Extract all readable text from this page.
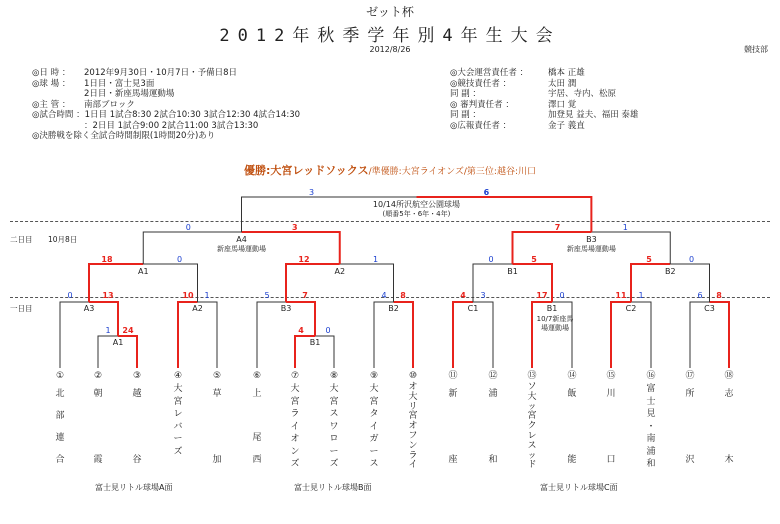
ゼット杯
2012年秋季学年別4年生大会
2012/8/26	競技部
◎日 時 ：	2012年9月30日・10月7日・予備日8日
◎球 場 ：	1日目・富士見3面
2日目・新座馬場運動場
◎主 管 ：	南部ブロック
◎試合時間 ： 1日目 1試合8:30 2試合10:30 3試合12:30 4試合14:30
：2日目 1試合9:00 2試合11:00 3試合13:30
◎決勝戦を除く全試合時間制限(1時間20分)あり
◎大会運営責任者 ：	橋本 正雄
◎競技責任者 ：	太田 潤
同 副 ：	宇居、寺内、松原
◎ 審判責任者 ：	澤口 覚
同 副 ：	加登見 益夫、福田 泰雄
◎広報責任者 ：	金子 義直
優勝:大宮レッドソックス/準優勝:大宮ライオンズ/第三位:越谷:川口
二日目 10月8日
一日目
A1
1 24
B1
4	0
A3
0	13
A2
10 1
B3
5	7
B2
4 8
C1
4 3
B1
17 0
10/7新座馬場運動場
C2
11 1
C3
6 8
A1
18	0
A2
12	1
B1
0	5
B2
5	0
A4
新座馬場運動場
0	3
B3
新座馬場運動場
7	1
10/14所沢航空公園球場
(順番5年・6年・4年)
3	6
①
北
部
連
合
②
朝
霞
③
越
谷
④
大
宮
レ
バ
ー
ズ
⑤
草
加
⑥
上
尾
西
⑦
大
宮
ラ
イ
オ
ン
ズ
⑧
大
宮
ス
ワ
ロ
ー
ズ
⑨
大
宮
タ
イ
ガ
ー
ス
⑩
オ
大
リ
宮
オ
フ
ン
ラ
イ
⑪
新
座
⑫
浦
和
⑬
ソ
大
ッ
宮
ク
レ
ス
ッ
ド
⑭
飯
能
⑮
川
口
⑯
富
士
見
・
南
浦
和
⑰
所
沢
⑱
志
木
富士見リトル球場A面	富士見リトル球場B面	富士見リトル球場C面
